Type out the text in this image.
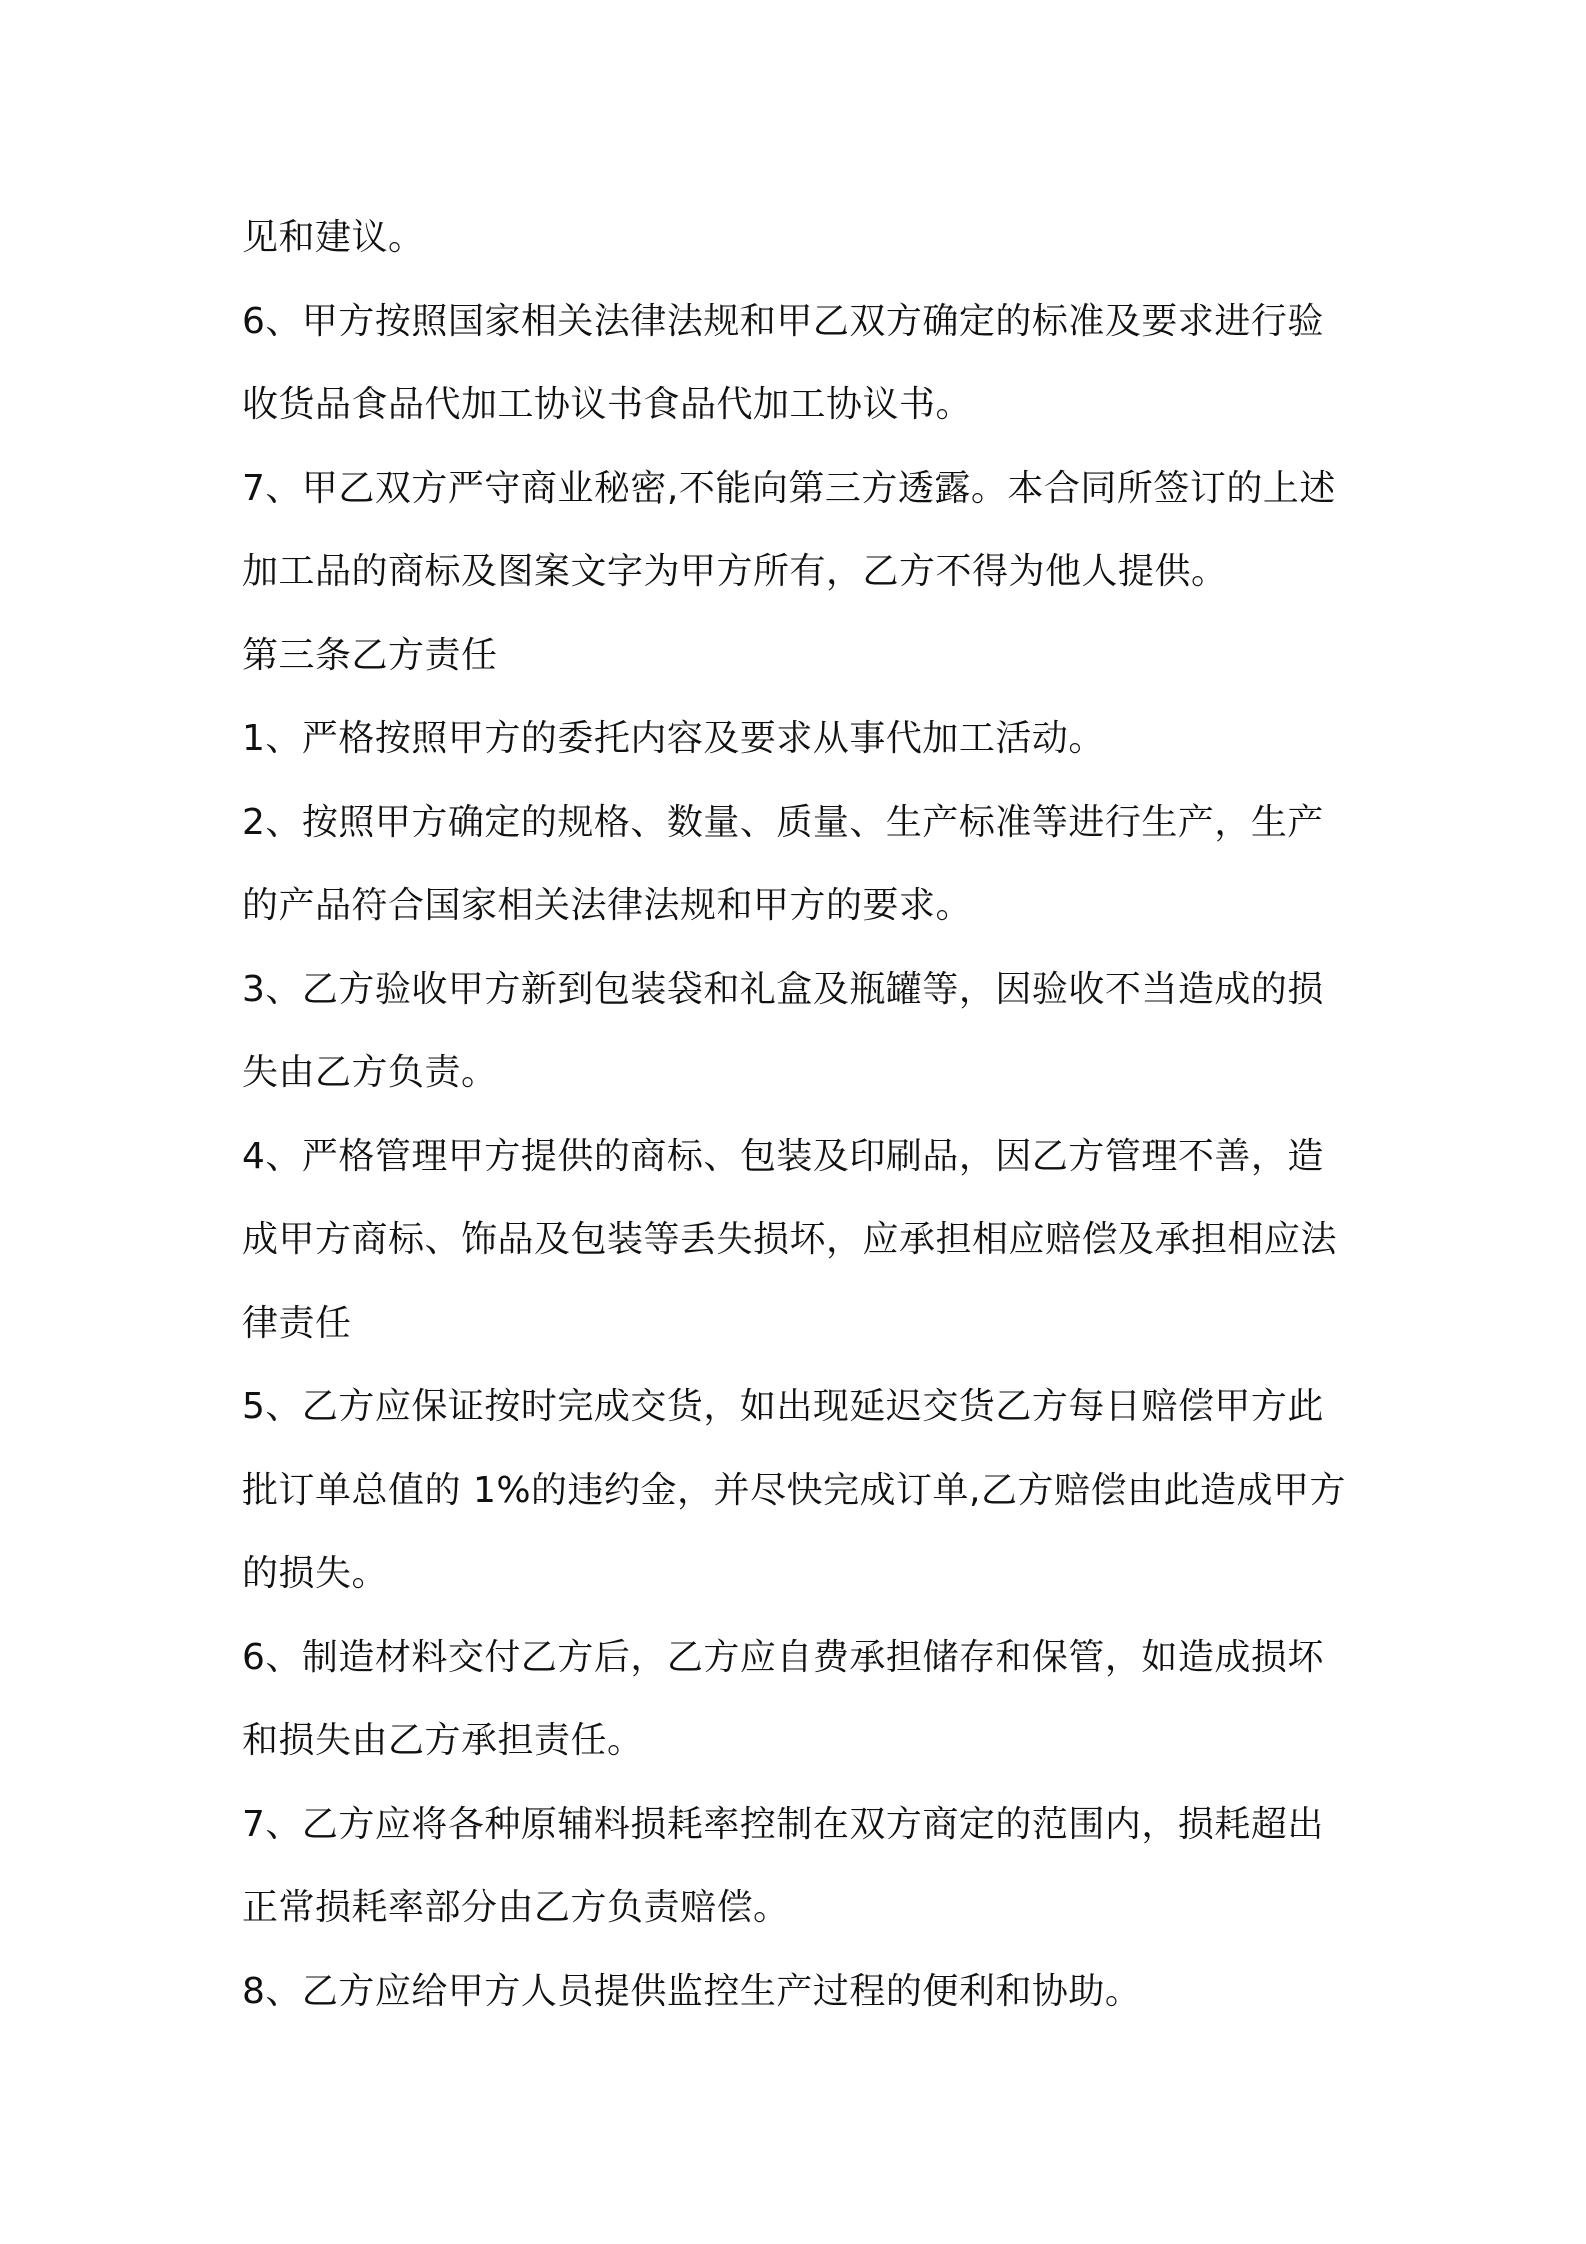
见和建议。
6、甲方按照国家相关法律法规和甲乙双方确定的标准及要求进行验
收货品食品代加工协议书食品代加工协议书。
7、甲乙双方严守商业秘密,不能向第三方透露。本合同所签订的上述
加工品的商标及图案文字为甲方所有，乙方不得为他人提供。
第三条乙方责任
1、严格按照甲方的委托内容及要求从事代加工活动。
2、按照甲方确定的规格、数量、质量、生产标准等进行生产，生产
的产品符合国家相关法律法规和甲方的要求。
3、乙方验收甲方新到包装袋和礼盒及瓶罐等，因验收不当造成的损
失由乙方负责。
4、严格管理甲方提供的商标、包装及印刷品，因乙方管理不善，造
成甲方商标、饰品及包装等丢失损坏，应承担相应赔偿及承担相应法
律责任
5、乙方应保证按时完成交货，如出现延迟交货乙方每日赔偿甲方此
批订单总值的 1%的违约金，并尽快完成订单,乙方赔偿由此造成甲方
的损失。
6、制造材料交付乙方后，乙方应自费承担储存和保管，如造成损坏
和损失由乙方承担责任。
7、乙方应将各种原辅料损耗率控制在双方商定的范围内，损耗超出
正常损耗率部分由乙方负责赔偿。
8、乙方应给甲方人员提供监控生产过程的便利和协助。
